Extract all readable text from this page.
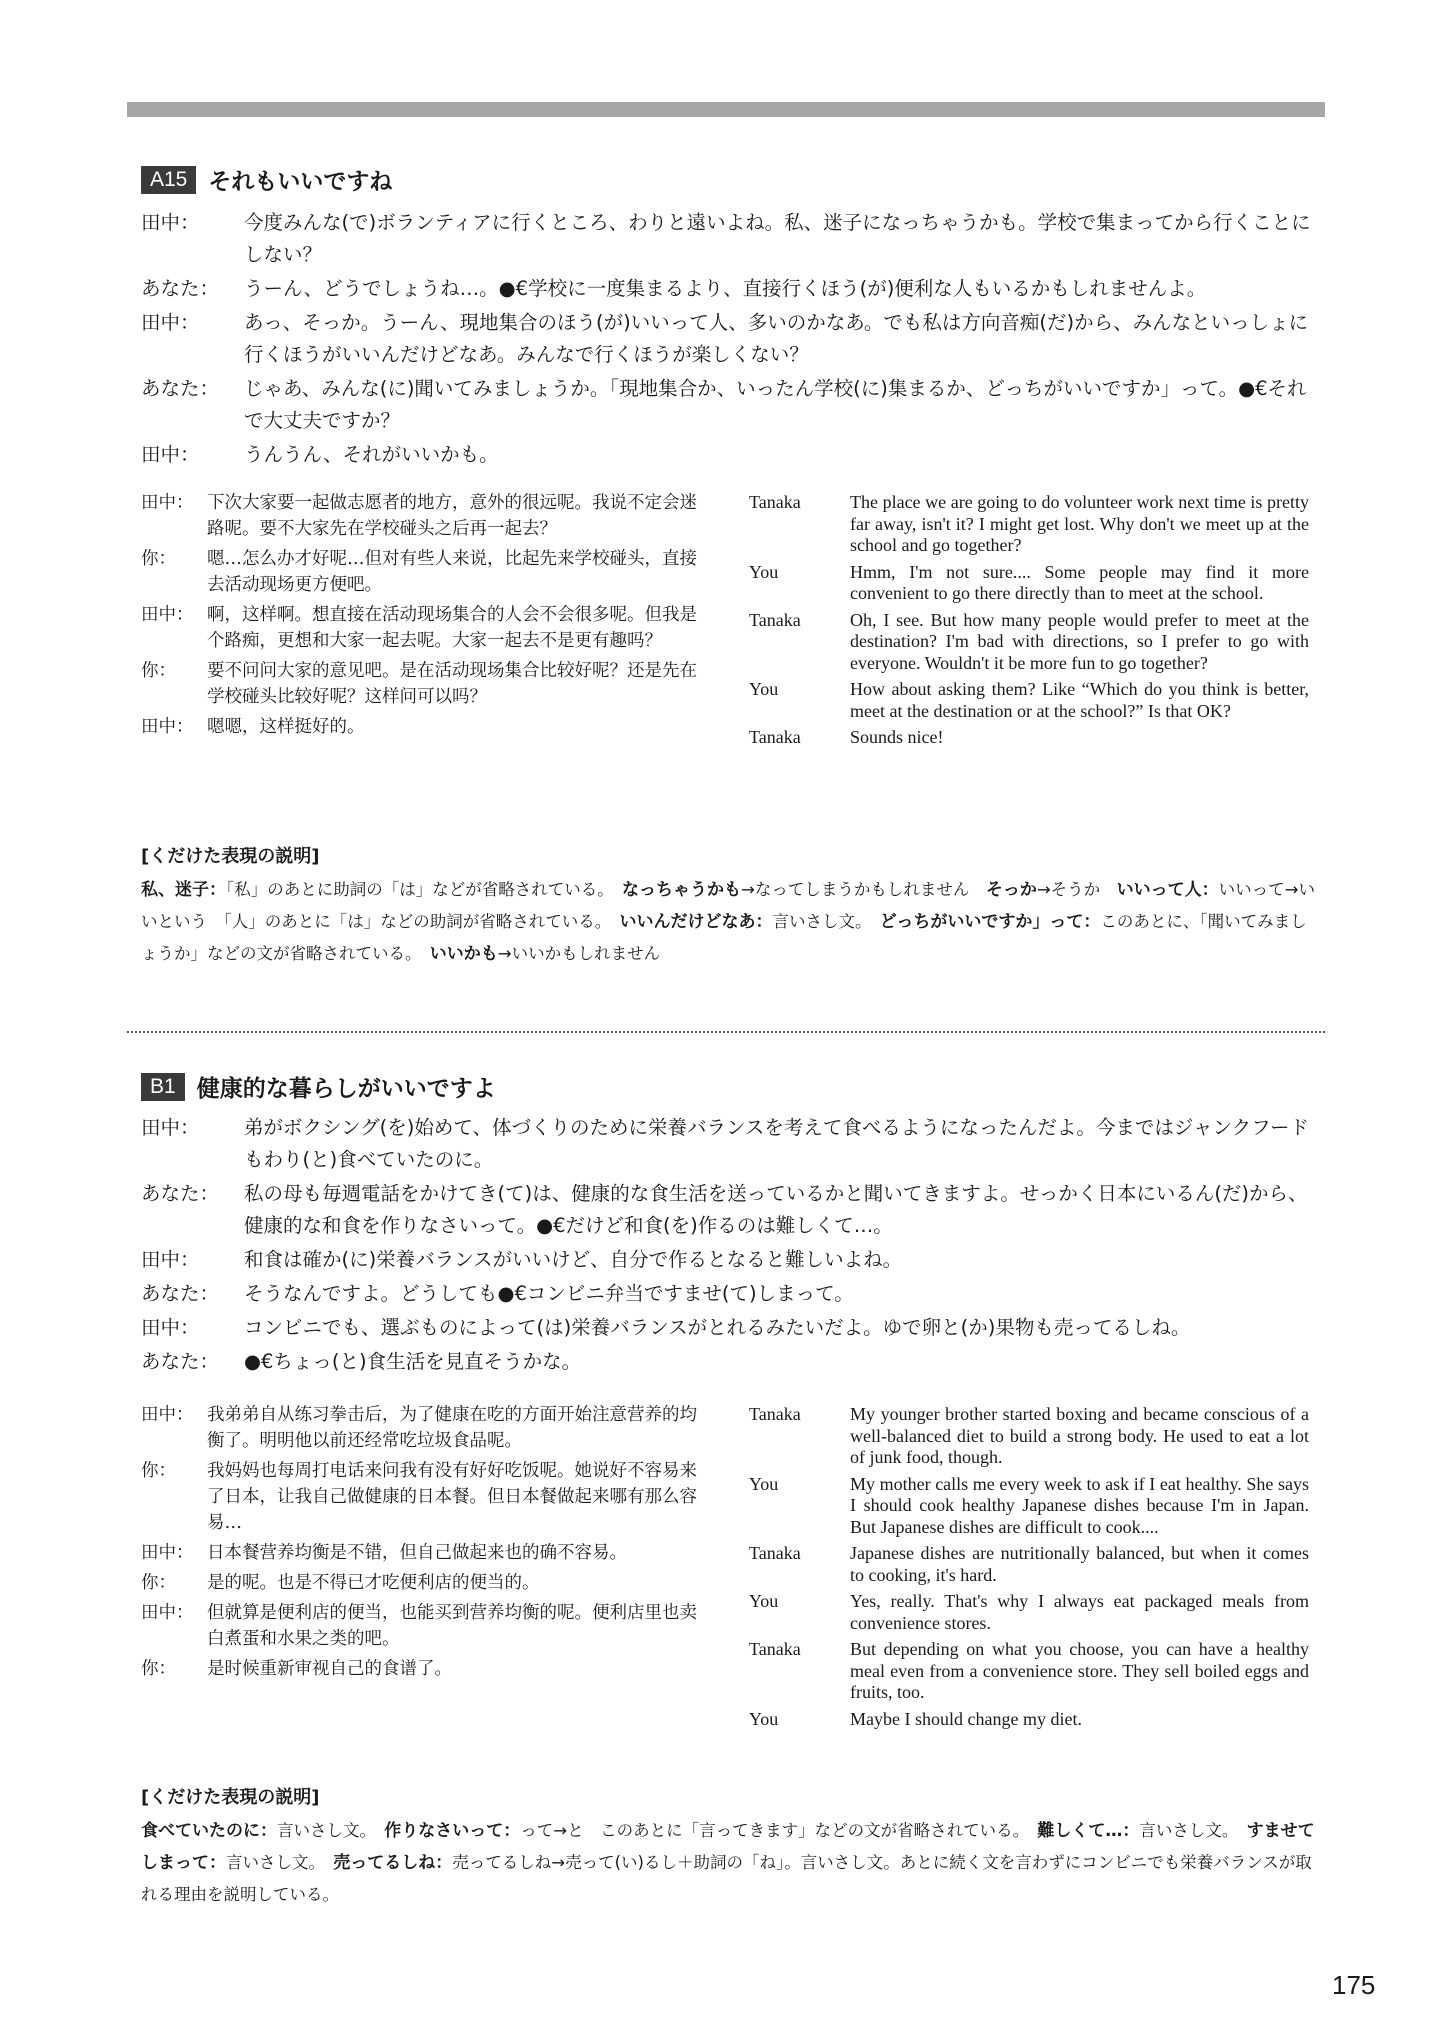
A15 それもいいですね
田中：	今度みんな(で)ボランティアに行くところ、わりと遠いよね。私、迷子になっちゃうかも。学校で集まってから行くことにしない？
あなた：	うーん、どうでしょうね…。●€学校に一度集まるより、直接行くほう(が)便利な人もいるかもしれませんよ。
田中：	あっ、そっか。うーん、現地集合のほう(が)いいって人、多いのかなあ。でも私は方向音痴(だ)から、みんなといっしょに行くほうがいいんだけどなあ。みんなで行くほうが楽しくない？
あなた：	じゃあ、みんな(に)聞いてみましょうか。「現地集合か、いったん学校(に)集まるか、どっちがいいですか」って。●€それで大丈夫ですか？
田中：	うんうん、それがいいかも。
田中： 下次大家要一起做志愿者的地方，意外的很远呢。我说不定会迷路呢。要不大家先在学校碰头之后再一起去？
你：	嗯…怎么办才好呢…但对有些人来说，比起先来学校碰头，直接去活动现场更方便吧。
田中： 啊，这样啊。想直接在活动现场集合的人会不会很多呢。但我是个路痴，更想和大家一起去呢。大家一起去不是更有趣吗？
你：	要不问问大家的意见吧。是在活动现场集合比较好呢？还是先在学校碰头比较好呢？这样问可以吗？
田中： 嗯嗯，这样挺好的。
Tanaka	The place we are going to do volunteer work next time is pretty far away, isn't it? I might get lost. Why don't we meet up at the school and go together?
You	Hmm, I'm not sure.... Some people may find it more convenient to go there directly than to meet at the school.
Tanaka	Oh, I see. But how many people would prefer to meet at the destination? I'm bad with directions, so I prefer to go with everyone. Wouldn't it be more fun to go together?
You	How about asking them? Like “Which do you think is better, meet at the destination or at the school?” Is that OK?
Tanaka	Sounds nice!
[くだけた表現の説明]
私、迷子：「私」のあとに助詞の「は」などが省略されている。　なっちゃうかも→なってしまうかもしれません　そっか→そうか　いいって人：いいって→いいという　「人」のあとに「は」などの助詞が省略されている。　いいんだけどなあ：言いさし文。　どっちがいいですか」って：このあとに、「聞いてみましょうか」などの文が省略されている。　いいかも→いいかもしれません
B1 健康的な暮らしがいいですよ
田中：	弟がボクシング(を)始めて、体づくりのために栄養バランスを考えて食べるようになったんだよ。今まではジャンクフードもわり(と)食べていたのに。
あなた：	私の母も毎週電話をかけてき(て)は、健康的な食生活を送っているかと聞いてきますよ。せっかく日本にいるん(だ)から、健康的な和食を作りなさいって。●€だけど和食(を)作るのは難しくて…。
田中：	和食は確か(に)栄養バランスがいいけど、自分で作るとなると難しいよね。
あなた：	そうなんですよ。どうしても●€コンビニ弁当ですませ(て)しまって。
田中：	コンビニでも、選ぶものによって(は)栄養バランスがとれるみたいだよ。ゆで卵と(か)果物も売ってるしね。
あなた：	●€ちょっ(と)食生活を見直そうかな。
田中： 我弟弟自从练习拳击后，为了健康在吃的方面开始注意营养的均衡了。明明他以前还经常吃垃圾食品呢。
你：	我妈妈也每周打电话来问我有没有好好吃饭呢。她说好不容易来了日本，让我自己做健康的日本餐。但日本餐做起来哪有那么容易…
田中： 日本餐营养均衡是不错，但自己做起来也的确不容易。
你：	是的呢。也是不得已才吃便利店的便当的。
田中： 但就算是便利店的便当，也能买到营养均衡的呢。便利店里也卖白煮蛋和水果之类的吧。
你：	是时候重新审视自己的食谱了。
Tanaka	My younger brother started boxing and became conscious of a well-balanced diet to build a strong body. He used to eat a lot of junk food, though.
You	My mother calls me every week to ask if I eat healthy. She says I should cook healthy Japanese dishes because I'm in Japan. But Japanese dishes are difficult to cook....
Tanaka	Japanese dishes are nutritionally balanced, but when it comes to cooking, it's hard.
You	Yes, really. That's why I always eat packaged meals from convenience stores.
Tanaka	But depending on what you choose, you can have a healthy meal even from a convenience store. They sell boiled eggs and fruits, too.
You	Maybe I should change my diet.
[くだけた表現の説明]
食べていたのに：言いさし文。　作りなさいって：って→と　このあとに「言ってきます」などの文が省略されている。　難しくて…：言いさし文。　すませてしまって：言いさし文。　売ってるしね：売ってるしね→売って(い)るし＋助詞の「ね」。言いさし文。あとに続く文を言わずにコンビニでも栄養バランスが取れる理由を説明している。
175
